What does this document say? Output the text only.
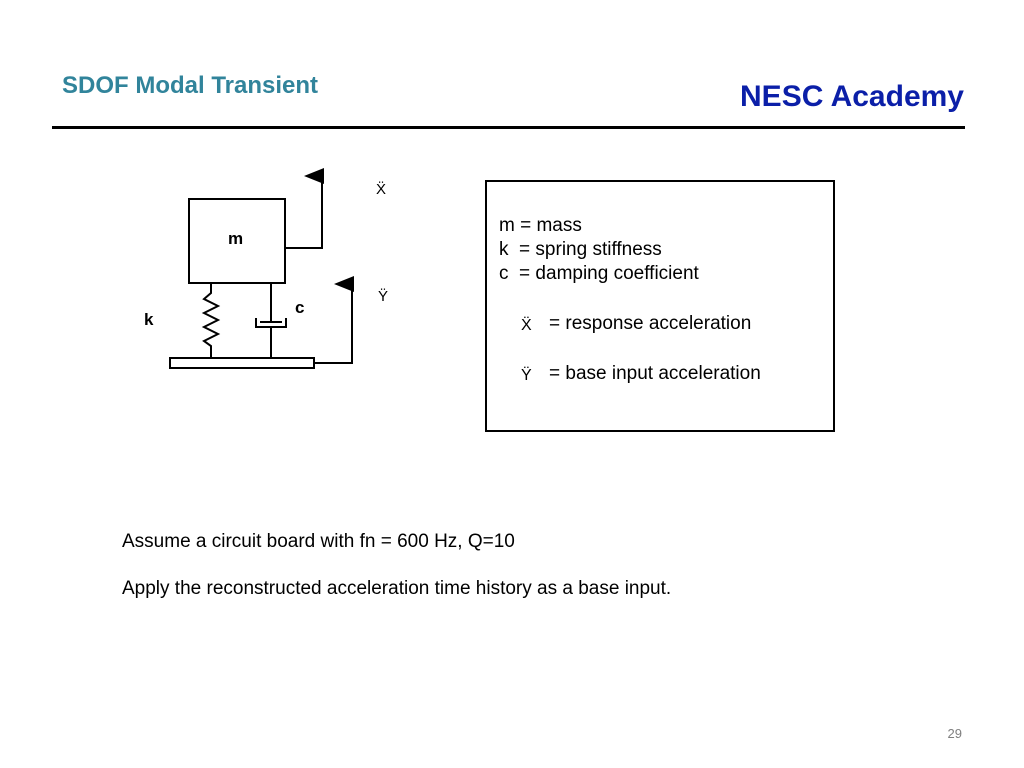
SDOF Modal Transient	NESC Academy
m
k
c
Ẍ
Ÿ
m = mass
k  = spring stiffness
c  = damping coefficient
Ẍ = response acceleration
Ÿ = base input acceleration
Assume a circuit board with fn = 600 Hz, Q=10
Apply the reconstructed acceleration time history as a base input.
29
